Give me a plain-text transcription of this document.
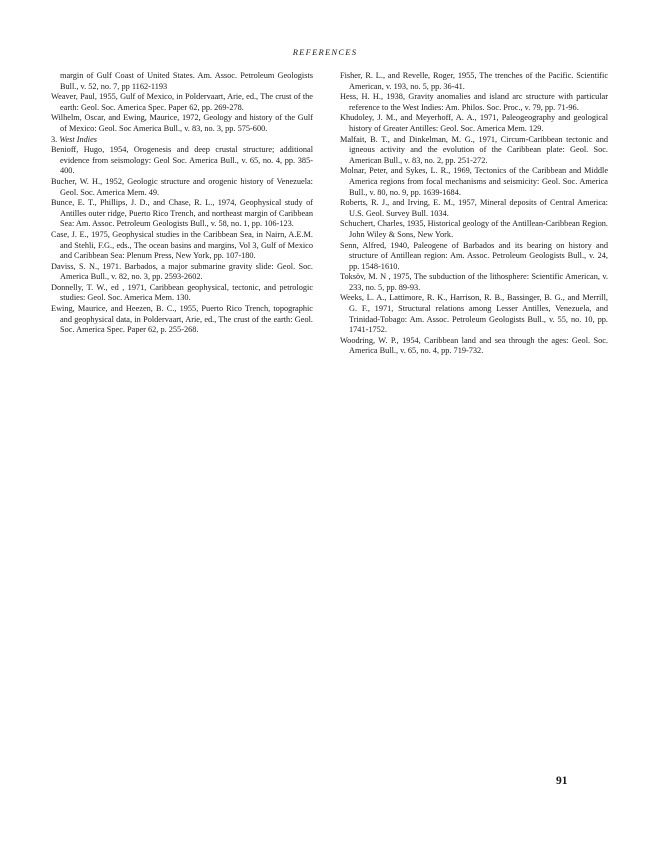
REFERENCES

margin of Gulf Coast of United States. Am. Assoc. Petroleum Geologists Bull., v. 52, no. 7, pp 1162-1193

Weaver, Paul, 1955, Gulf of Mexico, in Poldervaart, Arie, ed., The crust of the earth: Geol. Soc. America Spec. Paper 62, pp. 269-278.

Wilhelm, Oscar, and Ewing, Maurice, 1972, Geology and history of the Gulf of Mexico: Geol. Soc America Bull., v. 83, no. 3, pp. 575-600.

3. West Indies

Benioff, Hugo, 1954, Orogenesis and deep crustal structure; additional evidence from seismology: Geol Soc. America Bull., v. 65, no. 4, pp. 385-400.

Bucher, W. H., 1952, Geologic structure and orogenic history of Venezuela: Geol. Soc. America Mem. 49.

Bunce, E. T., Phillips, J. D., and Chase, R. L., 1974, Geophysical study of Antilles outer ridge, Puerto Rico Trench, and northeast margin of Caribbean Sea: Am. Assoc. Petroleum Geologists Bull., v. 58, no. 1, pp. 106-123.

Case, J. E., 1975, Geophysical studies in the Caribbean Sea, in Nairn, A.E.M. and Stehli, F.G., eds., The ocean basins and margins, Vol 3, Gulf of Mexico and Caribbean Sea: Plenum Press, New York, pp. 107-180.

Daviss, S. N., 1971. Barbados, a major submarine gravity slide: Geol. Soc. America Bull., v. 82, no. 3, pp. 2593-2602.

Donnelly, T. W., ed , 1971, Caribbean geophysical, tectonic, and petrologic studies: Geol. Soc. America Mem. 130.

Ewing, Maurice, and Heezen, B. C., 1955, Puerto Rico Trench, topographic and geophysical data, in Poldervaart, Arie, ed., The crust of the earth: Geol. Soc. America Spec. Paper 62, p. 255-268.

Fisher, R. L., and Revelle, Roger, 1955, The trenches of the Pacific. Scientific American, v. 193, no. 5, pp. 36-41.

Hess, H. H., 1938, Gravity anomalies and island arc structure with particular reference to the West Indies: Am. Philos. Soc. Proc., v. 79, pp. 71-96.

Khudoley, J. M., and Meyerhoff, A. A., 1971, Paleogeography and geological history of Greater Antilles: Geol. Soc. America Mem. 129.

Malfait, B. T., and Dinkelman, M. G., 1971, Circum-Caribbean tectonic and igneous activity and the evolution of the Caribbean plate: Geol. Soc. American Bull., v. 83, no. 2, pp. 251-272.

Molnar, Peter, and Sykes, L. R., 1969, Tectonics of the Caribbean and Middle America regions from focal mechanisms and seismicity: Geol. Soc. America Bull., v. 80, no. 9, pp. 1639-1684.

Roberts, R. J., and Irving, E. M., 1957, Mineral deposits of Central America: U.S. Geol. Survey Bull. 1034.

Schuchert, Charles, 1935, Historical geology of the Antillean-Caribbean Region. John Wiley & Sons, New York.

Senn, Alfred, 1940, Paleogene of Barbados and its bearing on history and structure of Antillean region: Am. Assoc. Petroleum Geologists Bull., v. 24, pp. 1548-1610.

Toksöv, M. N , 1975, The subduction of the lithosphere: Scientific American, v. 233, no. 5, pp. 89-93.

Weeks, L. A., Lattimore, R. K., Harrison, R. B., Bassinger, B. G., and Merrill, G. F., 1971, Structural relations among Lesser Antilles, Venezuela, and Trinidad-Tobago: Am. Assoc. Petroleum Geologists Bull., v. 55, no. 10, pp. 1741-1752.

Woodring, W. P., 1954, Caribbean land and sea through the ages: Geol. Soc. America Bull., v. 65, no. 4, pp. 719-732.

91
